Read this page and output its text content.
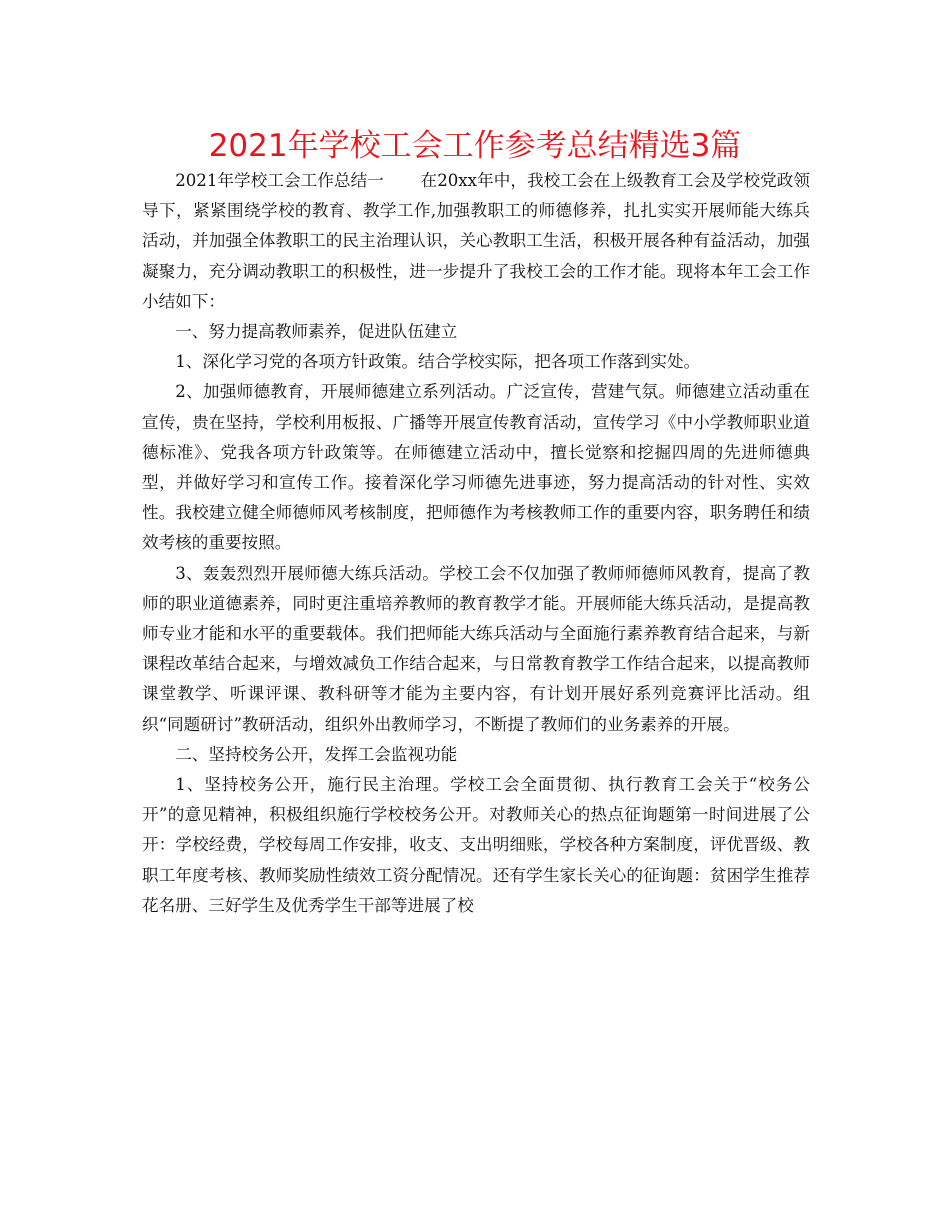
2021年学校工会工作参考总结精选3篇

2021年学校工会工作总结一 在20xx年中，我校工会在上级教育工会及学校党政领导下，紧紧围绕学校的教育、教学工作,加强教职工的师德修养，扎扎实实开展师能大练兵活动，并加强全体教职工的民主治理认识，关心教职工生活，积极开展各种有益活动，加强凝聚力，充分调动教职工的积极性，进一步提升了我校工会的工作才能。现将本年工会工作小结如下：

一、努力提高教师素养，促进队伍建立

1、深化学习党的各项方针政策。结合学校实际，把各项工作落到实处。

2、加强师德教育，开展师德建立系列活动。广泛宣传，营建气氛。师德建立活动重在宣传，贵在坚持，学校利用板报、广播等开展宣传教育活动，宣传学习《中小学教师职业道德标准》、党我各项方针政策等。在师德建立活动中，擅长觉察和挖掘四周的先进师德典型，并做好学习和宣传工作。接着深化学习师德先进事迹，努力提高活动的针对性、实效性。我校建立健全师德师风考核制度，把师德作为考核教师工作的重要内容，职务聘任和绩效考核的重要按照。

3、轰轰烈烈开展师德大练兵活动。学校工会不仅加强了教师师德师风教育，提高了教师的职业道德素养，同时更注重培养教师的教育教学才能。开展师能大练兵活动，是提高教师专业才能和水平的重要载体。我们把师能大练兵活动与全面施行素养教育结合起来，与新课程改革结合起来，与增效减负工作结合起来，与日常教育教学工作结合起来，以提高教师课堂教学、听课评课、教科研等才能为主要内容，有计划开展好系列竞赛评比活动。组织“同题研讨”教研活动，组织外出教师学习，不断提了教师们的业务素养的开展。

二、坚持校务公开，发挥工会监视功能

1、坚持校务公开，施行民主治理。学校工会全面贯彻、执行教育工会关于“校务公开”的意见精神，积极组织施行学校校务公开。对教师关心的热点征询题第一时间进展了公开：学校经费，学校每周工作安排，收支、支出明细账，学校各种方案制度，评优晋级、教职工年度考核、教师奖励性绩效工资分配情况。还有学生家长关心的征询题：贫困学生推荐花名册、三好学生及优秀学生干部等进展了校
